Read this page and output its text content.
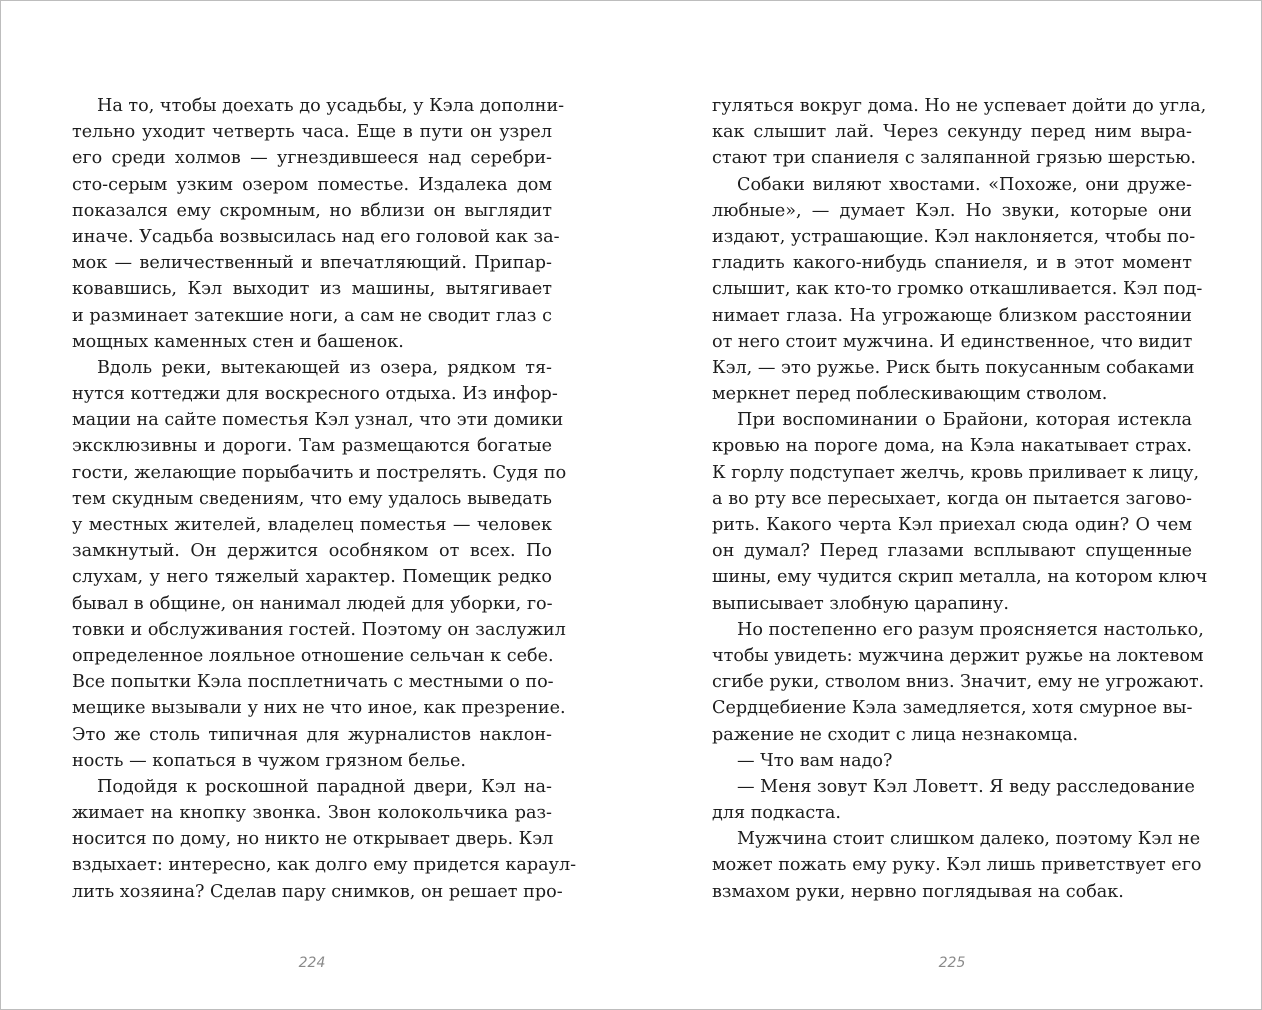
На то, чтобы доехать до усадьбы, у Кэла дополни-
тельно уходит четверть часа. Еще в пути он узрел
его среди холмов — угнездившееся над серебри-
сто-серым узким озером поместье. Издалека дом
показался ему скромным, но вблизи он выглядит
иначе. Усадьба возвысилась над его головой как за-
мок — величественный и впечатляющий. Припар-
ковавшись, Кэл выходит из машины, вытягивает
и разминает затекшие ноги, а сам не сводит глаз с
мощных каменных стен и башенок.
Вдоль реки, вытекающей из озера, рядком тя-
нутся коттеджи для воскресного отдыха. Из инфор-
мации на сайте поместья Кэл узнал, что эти домики
эксклюзивны и дороги. Там размещаются богатые
гости, желающие порыбачить и пострелять. Судя по
тем скудным сведениям, что ему удалось выведать
у местных жителей, владелец поместья — человек
замкнутый. Он держится особняком от всех. По
слухам, у него тяжелый характер. Помещик редко
бывал в общине, он нанимал людей для уборки, го-
товки и обслуживания гостей. Поэтому он заслужил
определенное лояльное отношение сельчан к себе.
Все попытки Кэла посплетничать с местными о по-
мещике вызывали у них не что иное, как презрение.
Это же столь типичная для журналистов наклон-
ность — копаться в чужом грязном белье.
Подойдя к роскошной парадной двери, Кэл на-
жимает на кнопку звонка. Звон колокольчика раз-
носится по дому, но никто не открывает дверь. Кэл
вздыхает: интересно, как долго ему придется караул-
лить хозяина? Сделав пару снимков, он решает про-
гуляться вокруг дома. Но не успевает дойти до угла,
как слышит лай. Через секунду перед ним выра-
стают три спаниеля с заляпанной грязью шерстью.
Собаки виляют хвостами. «Похоже, они друже-
любные», — думает Кэл. Но звуки, которые они
издают, устрашающие. Кэл наклоняется, чтобы по-
гладить какого-нибудь спаниеля, и в этот момент
слышит, как кто-то громко откашливается. Кэл под-
нимает глаза. На угрожающе близком расстоянии
от него стоит мужчина. И единственное, что видит
Кэл, — это ружье. Риск быть покусанным собаками
меркнет перед поблескивающим стволом.
При воспоминании о Брайони, которая истекла
кровью на пороге дома, на Кэла накатывает страх.
К горлу подступает желчь, кровь приливает к лицу,
а во рту все пересыхает, когда он пытается загово-
рить. Какого черта Кэл приехал сюда один? О чем
он думал? Перед глазами всплывают спущенные
шины, ему чудится скрип металла, на котором ключ
выписывает злобную царапину.
Но постепенно его разум проясняется настолько,
чтобы увидеть: мужчина держит ружье на локтевом
сгибе руки, стволом вниз. Значит, ему не угрожают.
Сердцебиение Кэла замедляется, хотя смурное вы-
ражение не сходит с лица незнакомца.
— Что вам надо?
— Меня зовут Кэл Ловетт. Я веду расследование
для подкаста.
Мужчина стоит слишком далеко, поэтому Кэл не
может пожать ему руку. Кэл лишь приветствует его
взмахом руки, нервно поглядывая на собак.
224	225
